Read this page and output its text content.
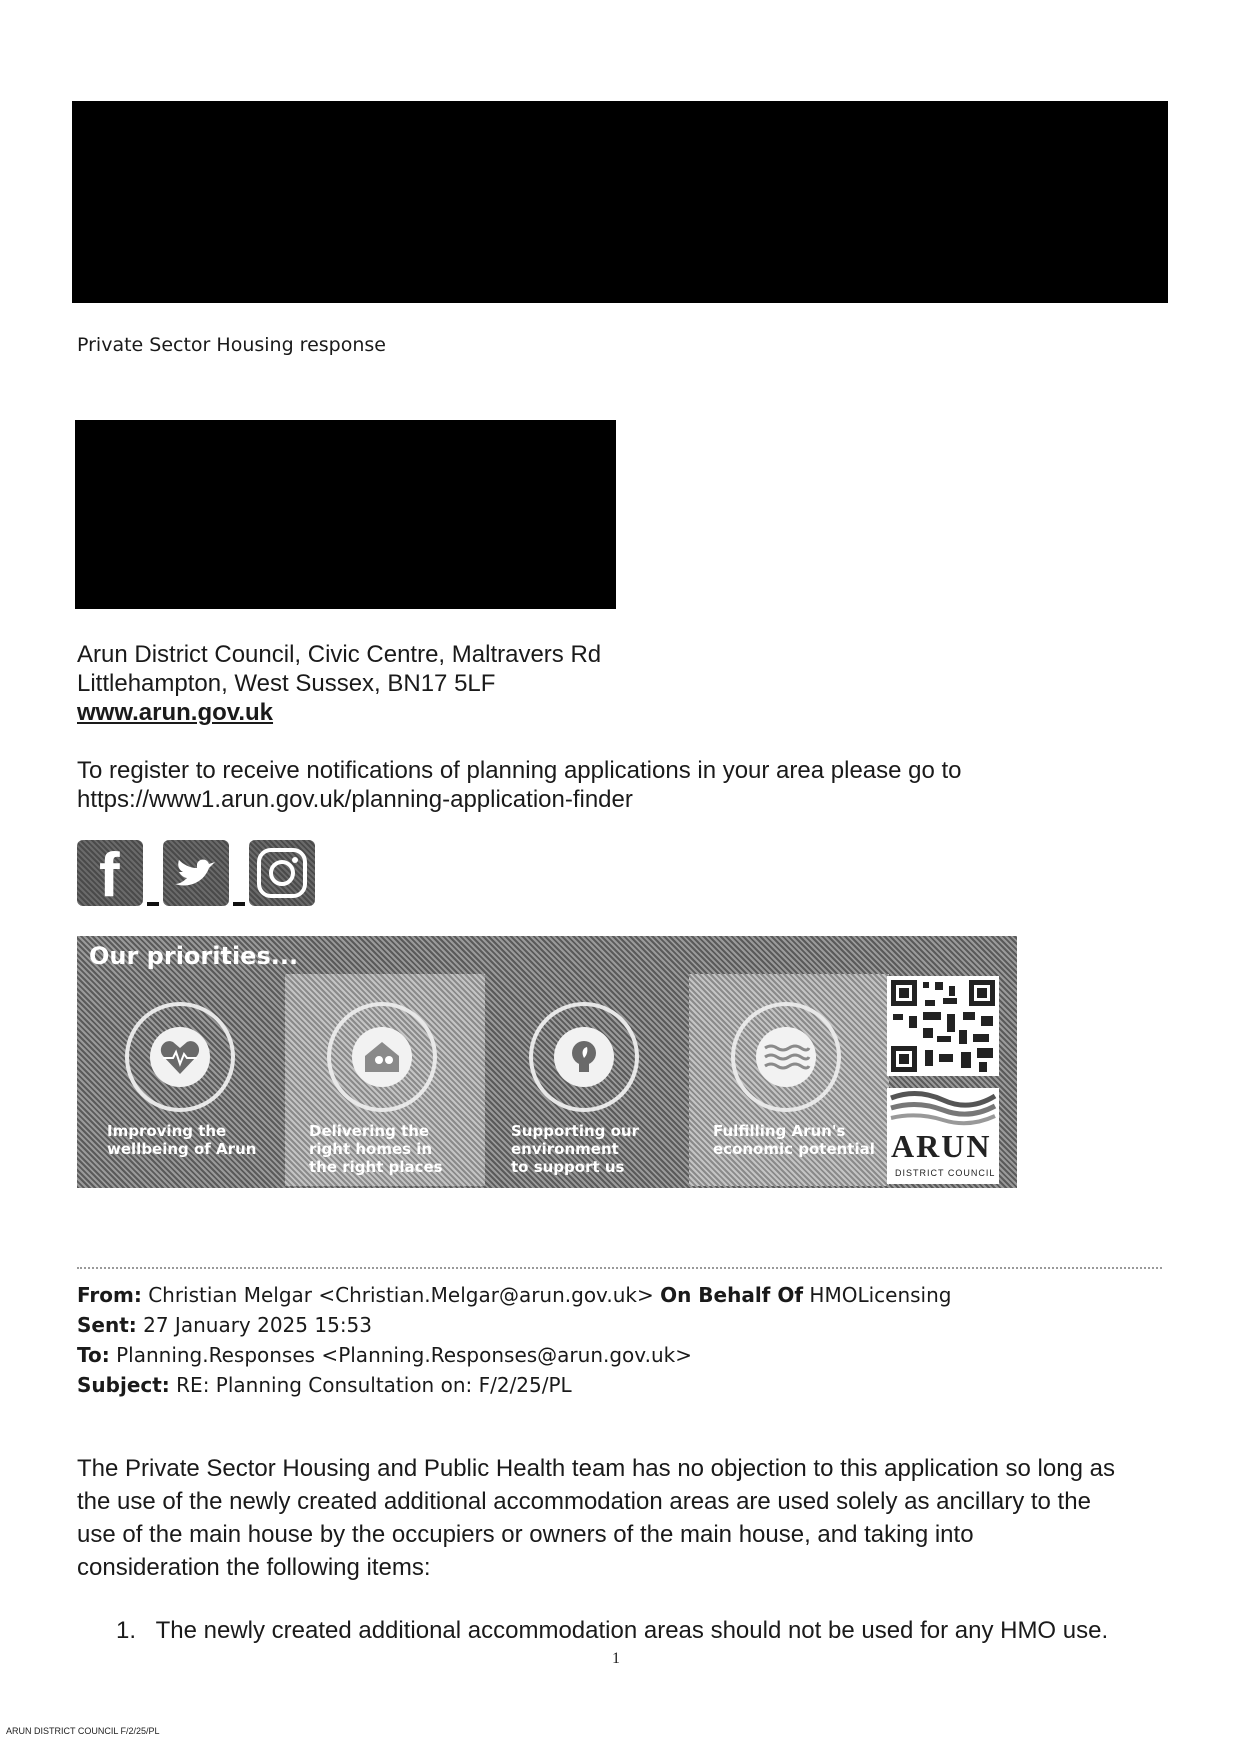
Private Sector Housing response
Arun District Council, Civic Centre, Maltravers Rd
Littlehampton, West Sussex, BN17 5LF
www.arun.gov.uk
To register to receive notifications of planning applications in your area please go to
https://www1.arun.gov.uk/planning-application-finder
f
Our priorities...
Improving the
wellbeing of Arun
Delivering the
right homes in
the right places
Supporting our
environment
to support us
Fulfilling Arun's
economic potential ARUN
DISTRICT COUNCIL
From: Christian Melgar <Christian.Melgar@arun.gov.uk> On Behalf Of HMOLicensing
Sent: 27 January 2025 15:53
To: Planning.Responses <Planning.Responses@arun.gov.uk>
Subject: RE: Planning Consultation on: F/2/25/PL
The Private Sector Housing and Public Health team has no objection to this application so long as
the use of the newly created additional accommodation areas are used solely as ancillary to the
use of the main house by the occupiers or owners of the main house, and taking into
consideration the following items:
1. The newly created additional accommodation areas should not be used for any HMO use.
1
ARUN DISTRICT COUNCIL F/2/25/PL
